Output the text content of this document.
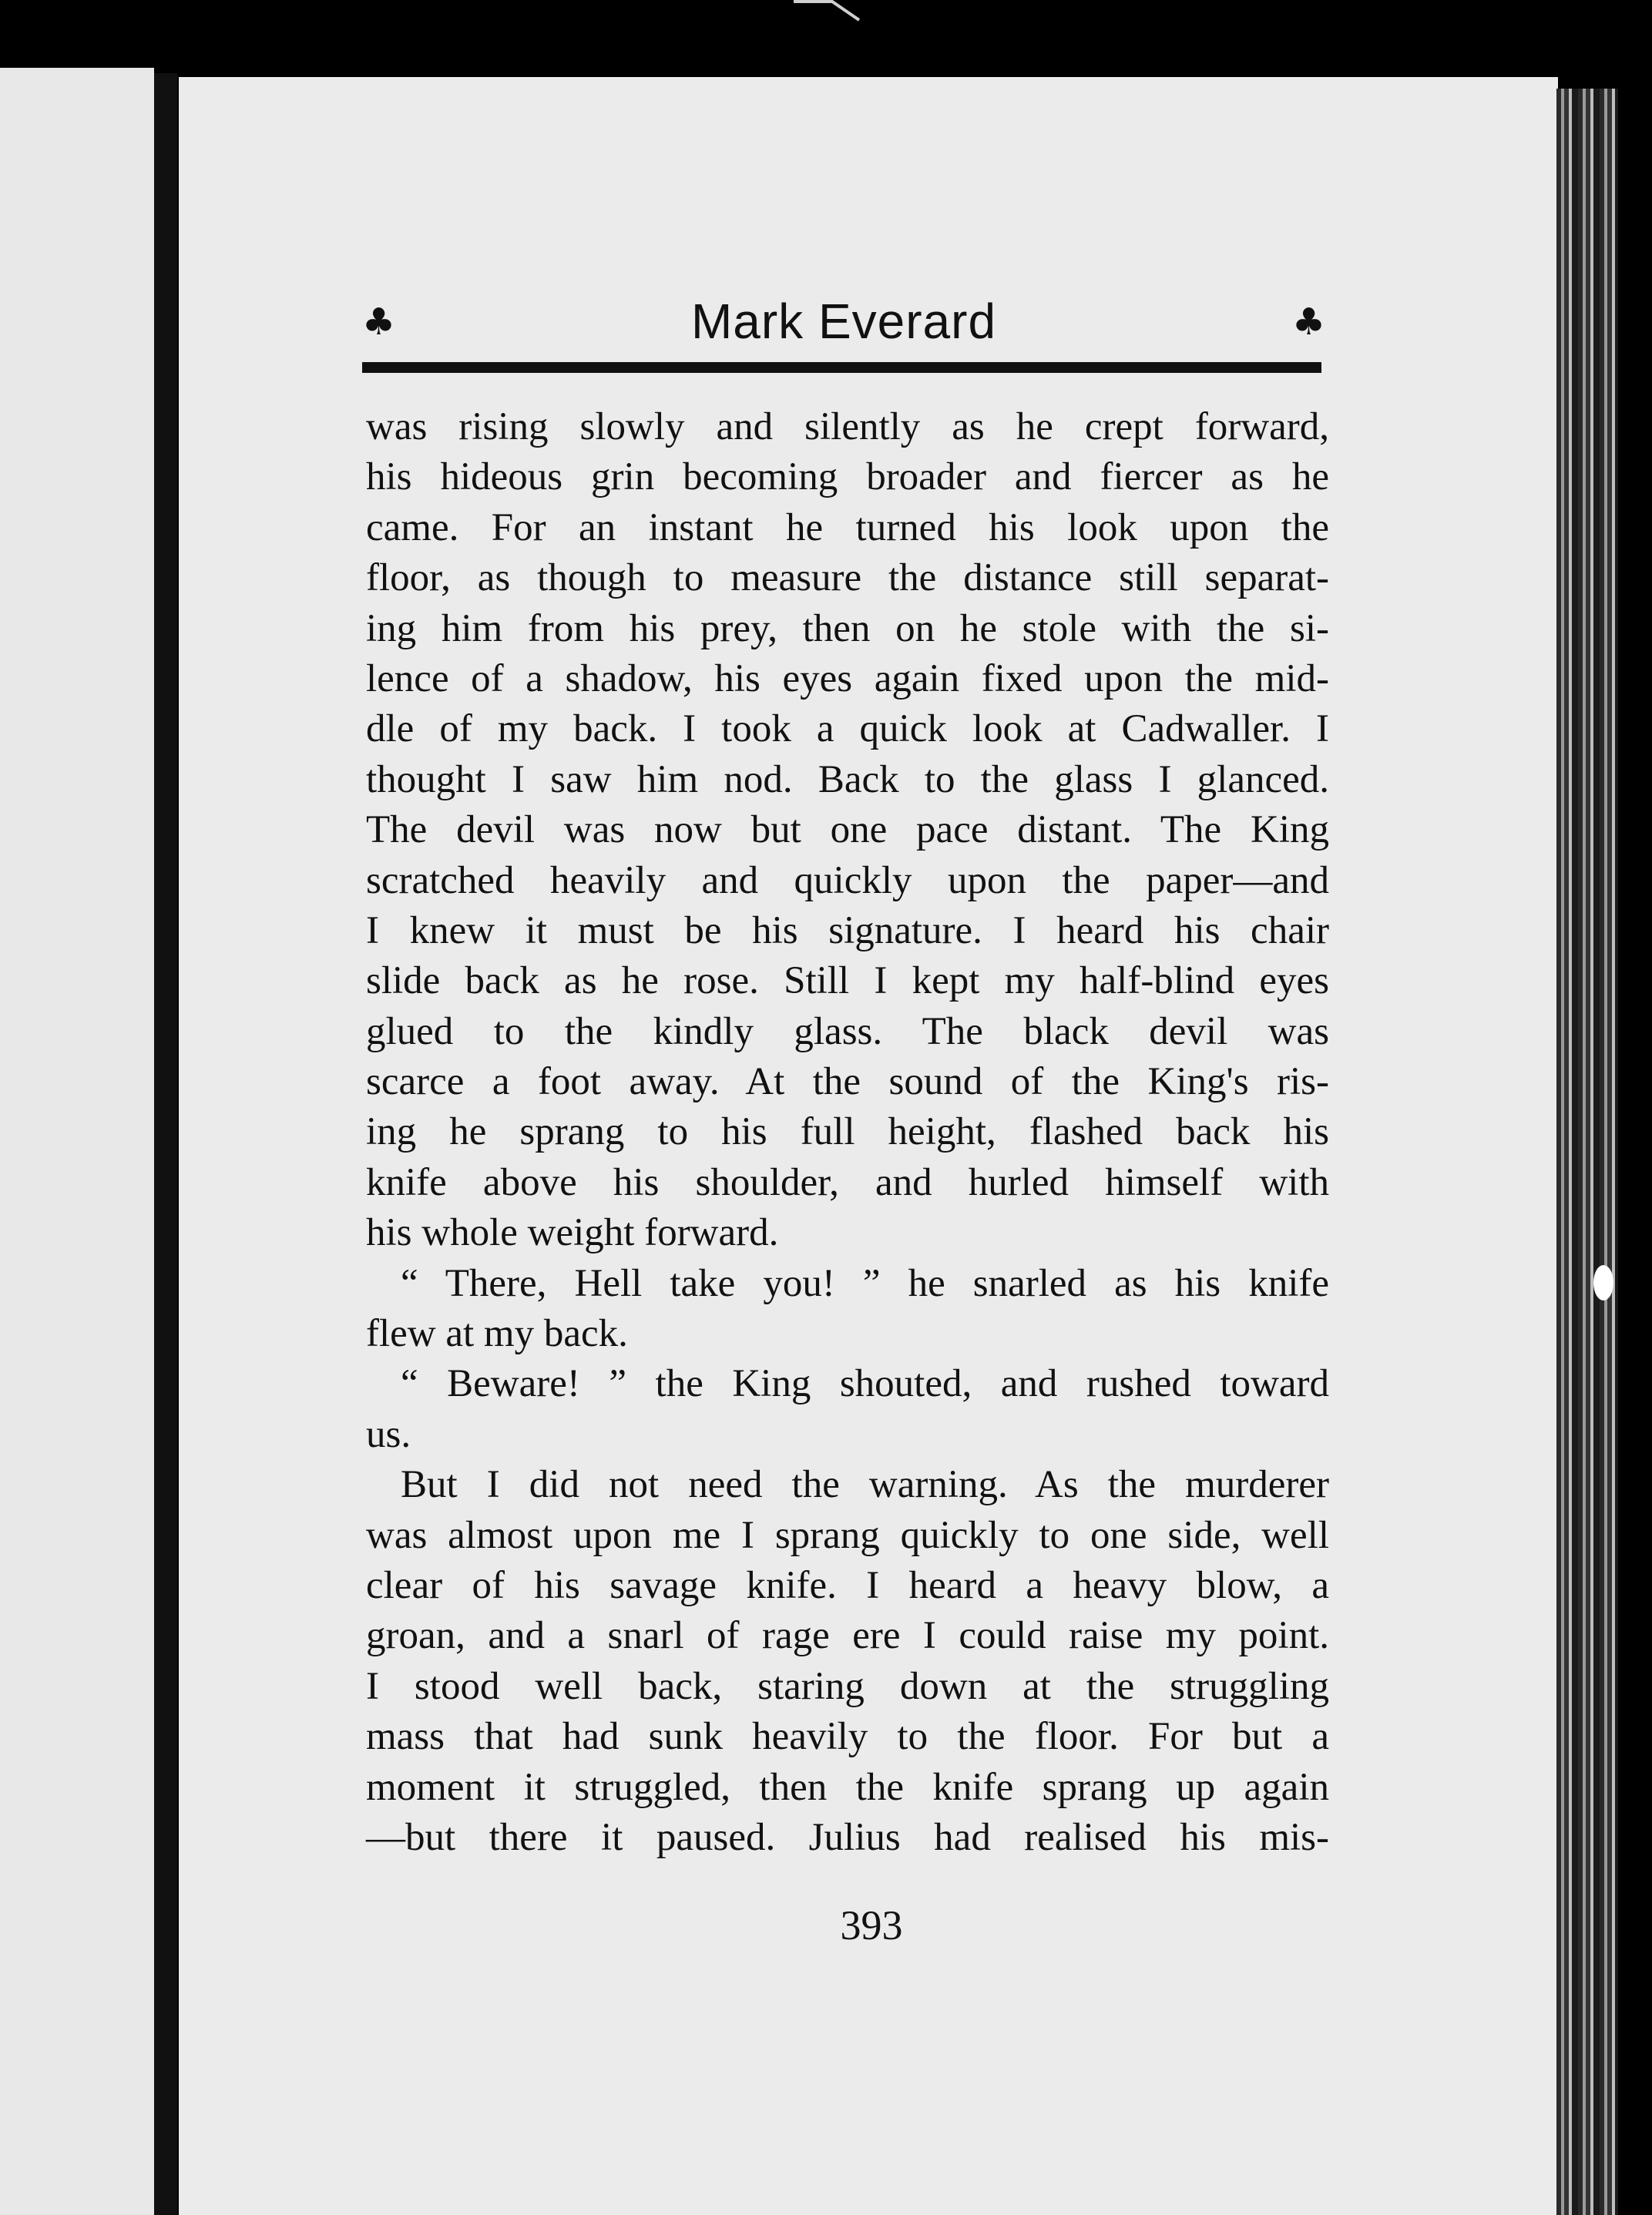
♣	Mark Everard	♣
was rising slowly and silently as he crept forward,
his hideous grin becoming broader and fiercer as he
came. For an instant he turned his look upon the
floor, as though to measure the distance still separat-
ing him from his prey, then on he stole with the si-
lence of a shadow, his eyes again fixed upon the mid-
dle of my back. I took a quick look at Cadwaller. I
thought I saw him nod. Back to the glass I glanced.
The devil was now but one pace distant. The King
scratched heavily and quickly upon the paper—and
I knew it must be his signature. I heard his chair
slide back as he rose. Still I kept my half-blind eyes
glued to the kindly glass. The black devil was
scarce a foot away. At the sound of the King's ris-
ing he sprang to his full height, flashed back his
knife above his shoulder, and hurled himself with
his whole weight forward.
“ There, Hell take you! ” he snarled as his knife
flew at my back.
“ Beware! ” the King shouted, and rushed toward
us.
But I did not need the warning. As the murderer
was almost upon me I sprang quickly to one side, well
clear of his savage knife. I heard a heavy blow, a
groan, and a snarl of rage ere I could raise my point.
I stood well back, staring down at the struggling
mass that had sunk heavily to the floor. For but a
moment it struggled, then the knife sprang up again
—but there it paused. Julius had realised his mis-
393
